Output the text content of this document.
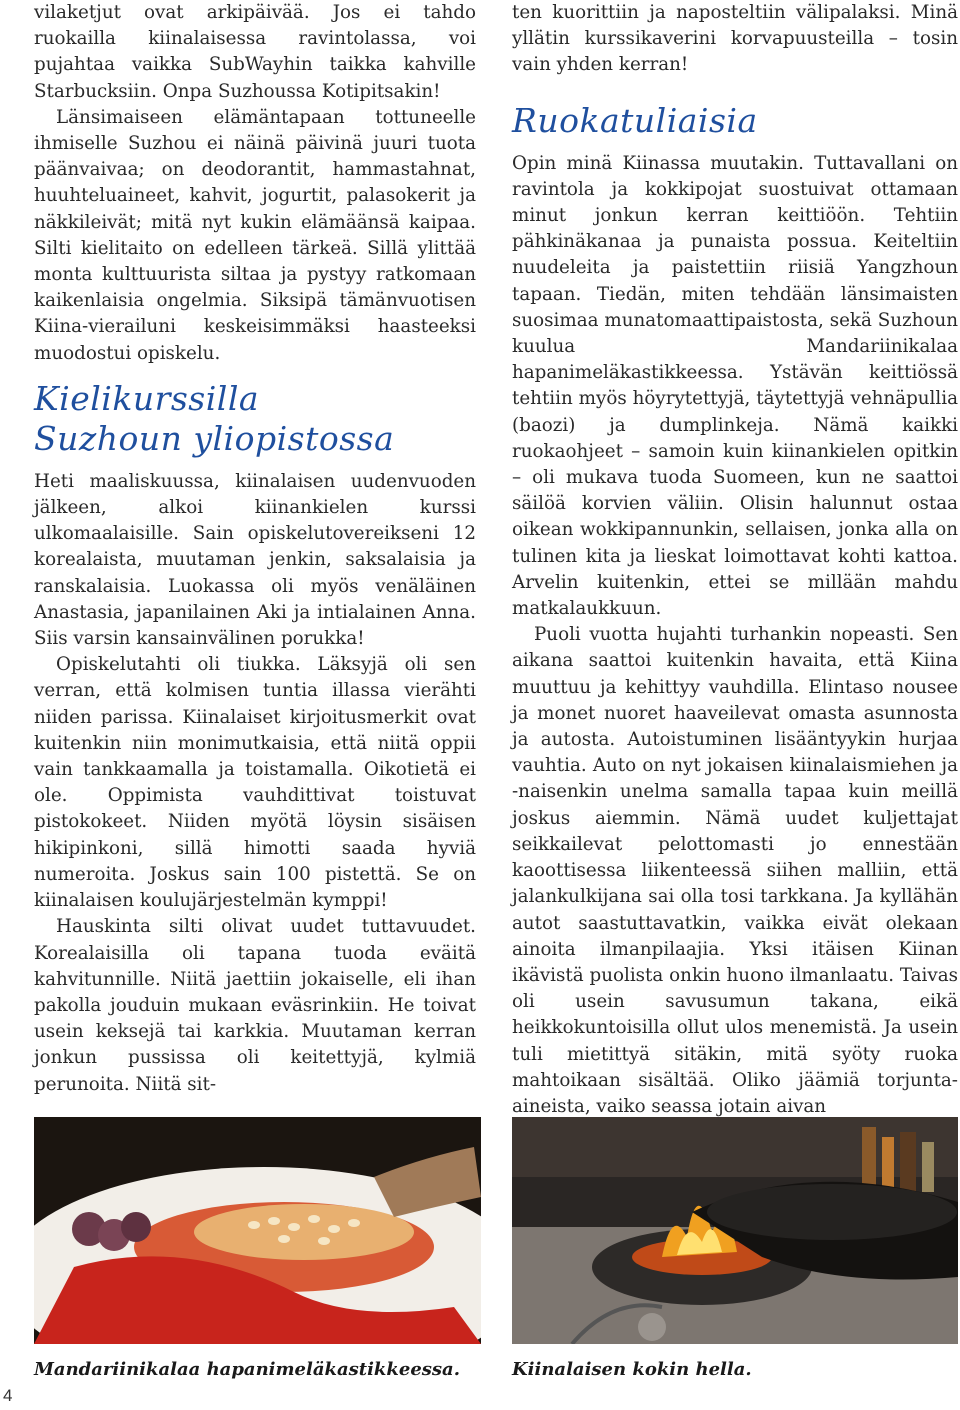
vilaketjut ovat arkipäivää. Jos ei tahdo ruokailla kiinalaisessa ravintolassa, voi pujahtaa vaikka SubWayhin taikka kahville Starbucksiin. Onpa Suzhoussa Kotipitsakin!

Länsimaiseen elämäntapaan tottuneelle ihmiselle Suzhou ei näinä päivinä juuri tuota päänvaivaa; on deodorantit, hammastahnat, huuhteluaineet, kahvit, jogurtit, palasokerit ja näkkileivät; mitä nyt kukin elämäänsä kaipaa. Silti kielitaito on edelleen tärkeä. Sillä ylittää monta kulttuurista siltaa ja pystyy ratkomaan kaikenlaisia ongelmia. Siksipä tämänvuotisen Kiina-vierailuni keskeisimmäksi haasteeksi muodostui opiskelu.

Kielikurssilla
Suzhoun yliopistossa

Heti maaliskuussa, kiinalaisen uudenvuoden jälkeen, alkoi kiinankielen kurssi ulkomaalaisille. Sain opiskelutovereikseni 12 korealaista, muutaman jenkin, saksalaisia ja ranskalaisia. Luokassa oli myös venäläinen Anastasia, japanilainen Aki ja intialainen Anna. Siis varsin kansainvälinen porukka!

Opiskelutahti oli tiukka. Läksyjä oli sen verran, että kolmisen tuntia illassa vierähti niiden parissa. Kiinalaiset kirjoitusmerkit ovat kuitenkin niin monimutkaisia, että niitä oppii vain tankkaamalla ja toistamalla. Oikotietä ei ole. Oppimista vauhdittivat toistuvat pistokokeet. Niiden myötä löysin sisäisen hikipinkoni, sillä himotti saada hyviä numeroita. Joskus sain 100 pistettä. Se on kiinalaisen koulujärjestelmän kymppi!

Hauskinta silti olivat uudet tuttavuudet. Korealaisilla oli tapana tuoda eväitä kahvitunnille. Niitä jaettiin jokaiselle, eli ihan pakolla jouduin mukaan eväsrinkiin. He toivat usein keksejä tai karkkia. Muutaman kerran jonkun pussissa oli keitettyjä, kylmiä perunoita. Niitä sit-

ten kuorittiin ja naposteltiin välipalaksi. Minä yllätin kurssikaverini korvapuusteilla – tosin vain yhden kerran!

Ruokatuliaisia

Opin minä Kiinassa muutakin. Tuttavallani on ravintola ja kokkipojat suostuivat ottamaan minut jonkun kerran keittiöön. Tehtiin pähkinäkanaa ja punaista possua. Keiteltiin nuudeleita ja paistettiin riisiä Yangzhoun tapaan. Tiedän, miten tehdään länsimaisten suosimaa munatomaattipaistosta, sekä Suzhoun kuulua Mandariinikalaa hapanimeläkastikkeessa. Ystävän keittiössä tehtiin myös höyrytettyjä, täytettyjä vehnäpullia (baozi) ja dumplinkeja. Nämä kaikki ruokaohjeet – samoin kuin kiinankielen opitkin – oli mukava tuoda Suomeen, kun ne saattoi säilöä korvien väliin. Olisin halunnut ostaa oikean wokkipannunkin, sellaisen, jonka alla on tulinen kita ja lieskat loimottavat kohti kattoa. Arvelin kuitenkin, ettei se millään mahdu matkalaukkuun.

Puoli vuotta hujahti turhankin nopeasti. Sen aikana saattoi kuitenkin havaita, että Kiina muuttuu ja kehittyy vauhdilla. Elintaso nousee ja monet nuoret haaveilevat omasta asunnosta ja autosta. Autoistuminen lisääntyykin hurjaa vauhtia. Auto on nyt jokaisen kiinalaismiehen ja -naisenkin unelma samalla tapaa kuin meillä joskus aiemmin. Nämä uudet kuljettajat seikkailevat pelottomasti jo ennestään kaoottisessa liikenteessä siihen malliin, että jalankulkijana sai olla tosi tarkkana. Ja kyllähän autot saastuttavatkin, vaikka eivät olekaan ainoita ilmanpilaajia. Yksi itäisen Kiinan ikävistä puolista onkin huono ilmanlaatu. Taivas oli usein savusumun takana, eikä heikkokuntoisilla ollut ulos menemistä. Ja usein tuli mietittyä sitäkin, mitä syöty ruoka mahtoikaan sisältää. Oliko jäämiä torjunta-aineista, vaiko seassa jotain aivan

Mandariinikalaa hapanimeläkastikkeessa.	Kiinalaisen kokin hella.
4
